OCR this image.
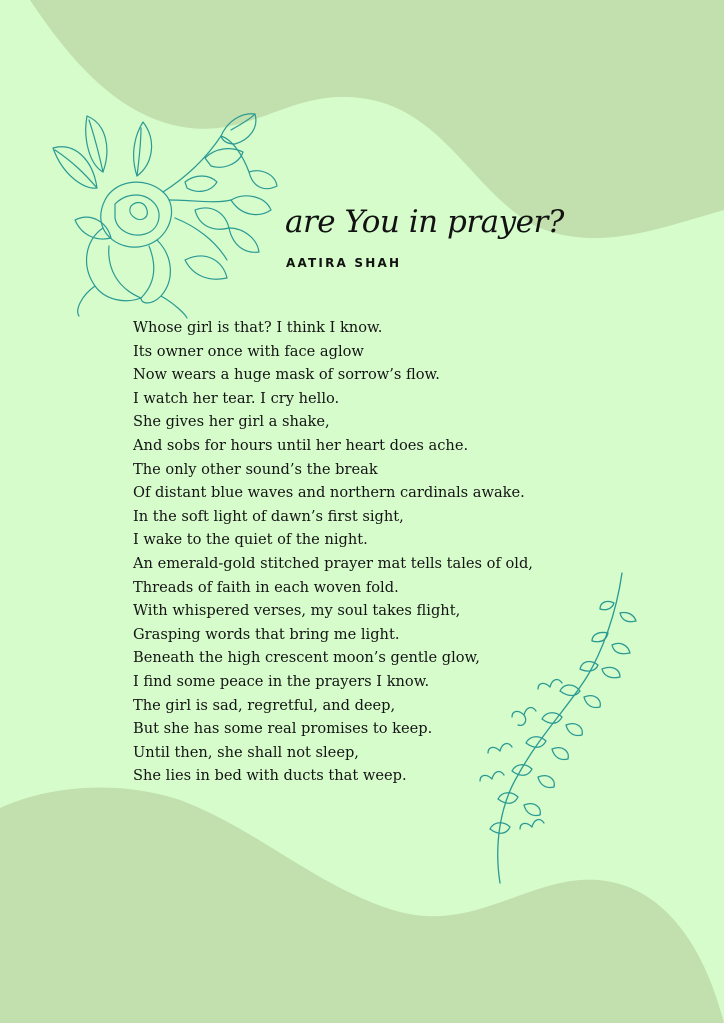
are You in prayer?
AATIRA SHAH
Whose girl is that? I think I know.
Its owner once with face aglow
Now wears a huge mask of sorrow’s flow.
I watch her tear. I cry hello.
She gives her girl a shake,
And sobs for hours until her heart does ache.
The only other sound’s the break
Of distant blue waves and northern cardinals awake.
In the soft light of dawn’s first sight,
I wake to the quiet of the night.
An emerald-gold stitched prayer mat tells tales of old,
Threads of faith in each woven fold.
With whispered verses, my soul takes flight,
Grasping words that bring me light.
Beneath the high crescent moon’s gentle glow,
I find some peace in the prayers I know.
The girl is sad, regretful, and deep,
But she has some real promises to keep.
Until then, she shall not sleep,
She lies in bed with ducts that weep.
